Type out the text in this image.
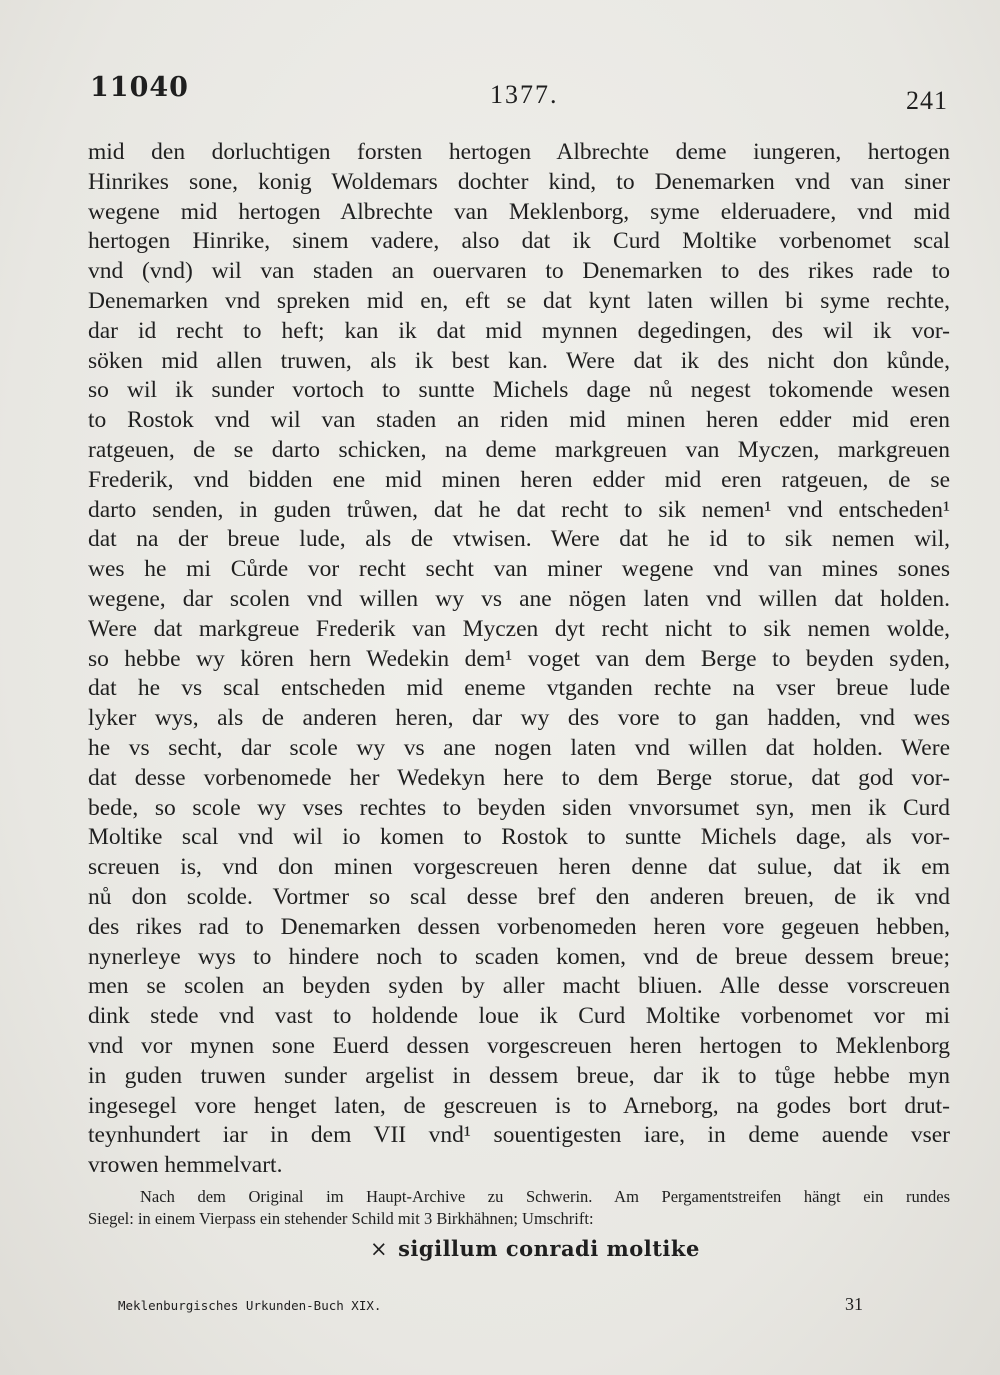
11040	1377.	241
mid den dorluchtigen forsten hertogen Albrechte deme iungeren, hertogen
Hinrikes sone, konig Woldemars dochter kind, to Denemarken vnd van siner
wegene mid hertogen Albrechte van Meklenborg, syme elderuadere, vnd mid
hertogen Hinrike, sinem vadere, also dat ik Curd Moltike vorbenomet scal
vnd (vnd) wil van staden an ouervaren to Denemarken to des rikes rade to
Denemarken vnd spreken mid en, eft se dat kynt laten willen bi syme rechte,
dar id recht to heft; kan ik dat mid mynnen degedingen, des wil ik vor-
söken mid allen truwen, als ik best kan. Were dat ik des nicht don kůnde,
so wil ik sunder vortoch to suntte Michels dage nů negest tokomende wesen
to Rostok vnd wil van staden an riden mid minen heren edder mid eren
ratgeuen, de se darto schicken, na deme markgreuen van Myczen, markgreuen
Frederik, vnd bidden ene mid minen heren edder mid eren ratgeuen, de se
darto senden, in guden trůwen, dat he dat recht to sik nemen¹ vnd entscheden¹
dat na der breue lude, als de vtwisen. Were dat he id to sik nemen wil,
wes he mi Cůrde vor recht secht van miner wegene vnd van mines sones
wegene, dar scolen vnd willen wy vs ane nögen laten vnd willen dat holden.
Were dat markgreue Frederik van Myczen dyt recht nicht to sik nemen wolde,
so hebbe wy kören hern Wedekin dem¹ voget van dem Berge to beyden syden,
dat he vs scal entscheden mid eneme vtganden rechte na vser breue lude
lyker wys, als de anderen heren, dar wy des vore to gan hadden, vnd wes
he vs secht, dar scole wy vs ane nogen laten vnd willen dat holden. Were
dat desse vorbenomede her Wedekyn here to dem Berge storue, dat god vor-
bede, so scole wy vses rechtes to beyden siden vnvorsumet syn, men ik Curd
Moltike scal vnd wil io komen to Rostok to suntte Michels dage, als vor-
screuen is, vnd don minen vorgescreuen heren denne dat sulue, dat ik em
nů don scolde. Vortmer so scal desse bref den anderen breuen, de ik vnd
des rikes rad to Denemarken dessen vorbenomeden heren vore gegeuen hebben,
nynerleye wys to hindere noch to scaden komen, vnd de breue dessem breue;
men se scolen an beyden syden by aller macht bliuen. Alle desse vorscreuen
dink stede vnd vast to holdende loue ik Curd Moltike vorbenomet vor mi
vnd vor mynen sone Euerd dessen vorgescreuen heren hertogen to Meklenborg
in guden truwen sunder argelist in dessem breue, dar ik to tůge hebbe myn
ingesegel vore henget laten, de gescreuen is to Arneborg, na godes bort drut-
teynhundert iar in dem VII vnd¹ souentigesten iare, in deme auende vser
vrowen hemmelvart.
Nach dem Original im Haupt-Archive zu Schwerin. Am Pergamentstreifen hängt ein rundes
Siegel: in einem Vierpass ein stehender Schild mit 3 Birkhähnen; Umschrift:
× sigillum conradi moltike
Meklenburgisches Urkunden-Buch XIX.	31
